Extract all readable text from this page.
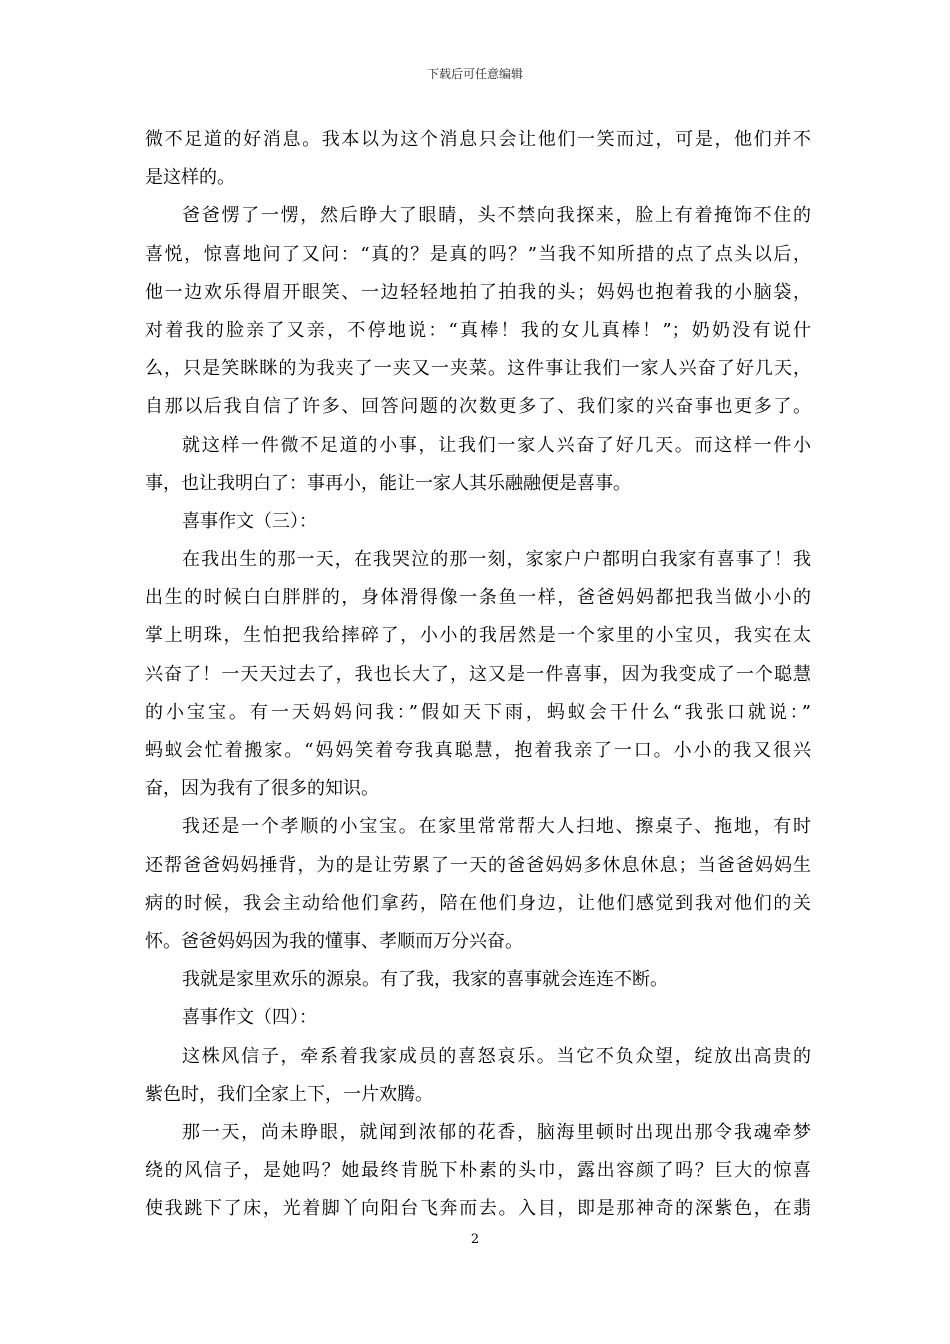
下载后可任意编辑
微不足道的好消息。我本以为这个消息只会让他们一笑而过，可是，他们并不
是这样的。
爸爸愣了一愣，然后睁大了眼睛，头不禁向我探来，脸上有着掩饰不住的
喜悦，惊喜地问了又问：“真的？是真的吗？”当我不知所措的点了点头以后，
他一边欢乐得眉开眼笑、一边轻轻地拍了拍我的头；妈妈也抱着我的小脑袋，
对着我的脸亲了又亲，不停地说：“真棒！我的女儿真棒！”；奶奶没有说什
么，只是笑眯眯的为我夹了一夹又一夹菜。这件事让我们一家人兴奋了好几天，
自那以后我自信了许多、回答问题的次数更多了、我们家的兴奋事也更多了。
就这样一件微不足道的小事，让我们一家人兴奋了好几天。而这样一件小
事，也让我明白了：事再小，能让一家人其乐融融便是喜事。
喜事作文（三）：
在我出生的那一天，在我哭泣的那一刻，家家户户都明白我家有喜事了！我
出生的时候白白胖胖的，身体滑得像一条鱼一样，爸爸妈妈都把我当做小小的
掌上明珠，生怕把我给摔碎了，小小的我居然是一个家里的小宝贝，我实在太
兴奋了！一天天过去了，我也长大了，这又是一件喜事，因为我变成了一个聪慧
的小宝宝。有一天妈妈问我：”假如天下雨，蚂蚁会干什么“我张口就说：”
蚂蚁会忙着搬家。“妈妈笑着夸我真聪慧，抱着我亲了一口。小小的我又很兴
奋，因为我有了很多的知识。
我还是一个孝顺的小宝宝。在家里常常帮大人扫地、擦桌子、拖地，有时
还帮爸爸妈妈捶背，为的是让劳累了一天的爸爸妈妈多休息休息；当爸爸妈妈生
病的时候，我会主动给他们拿药，陪在他们身边，让他们感觉到我对他们的关
怀。爸爸妈妈因为我的懂事、孝顺而万分兴奋。
我就是家里欢乐的源泉。有了我，我家的喜事就会连连不断。
喜事作文（四）：
这株风信子，牵系着我家成员的喜怒哀乐。当它不负众望，绽放出高贵的
紫色时，我们全家上下，一片欢腾。
那一天，尚未睁眼，就闻到浓郁的花香，脑海里顿时出现出那令我魂牵梦
绕的风信子，是她吗？她最终肯脱下朴素的头巾，露出容颜了吗？巨大的惊喜
使我跳下了床，光着脚丫向阳台飞奔而去。入目，即是那神奇的深紫色，在翡
2
